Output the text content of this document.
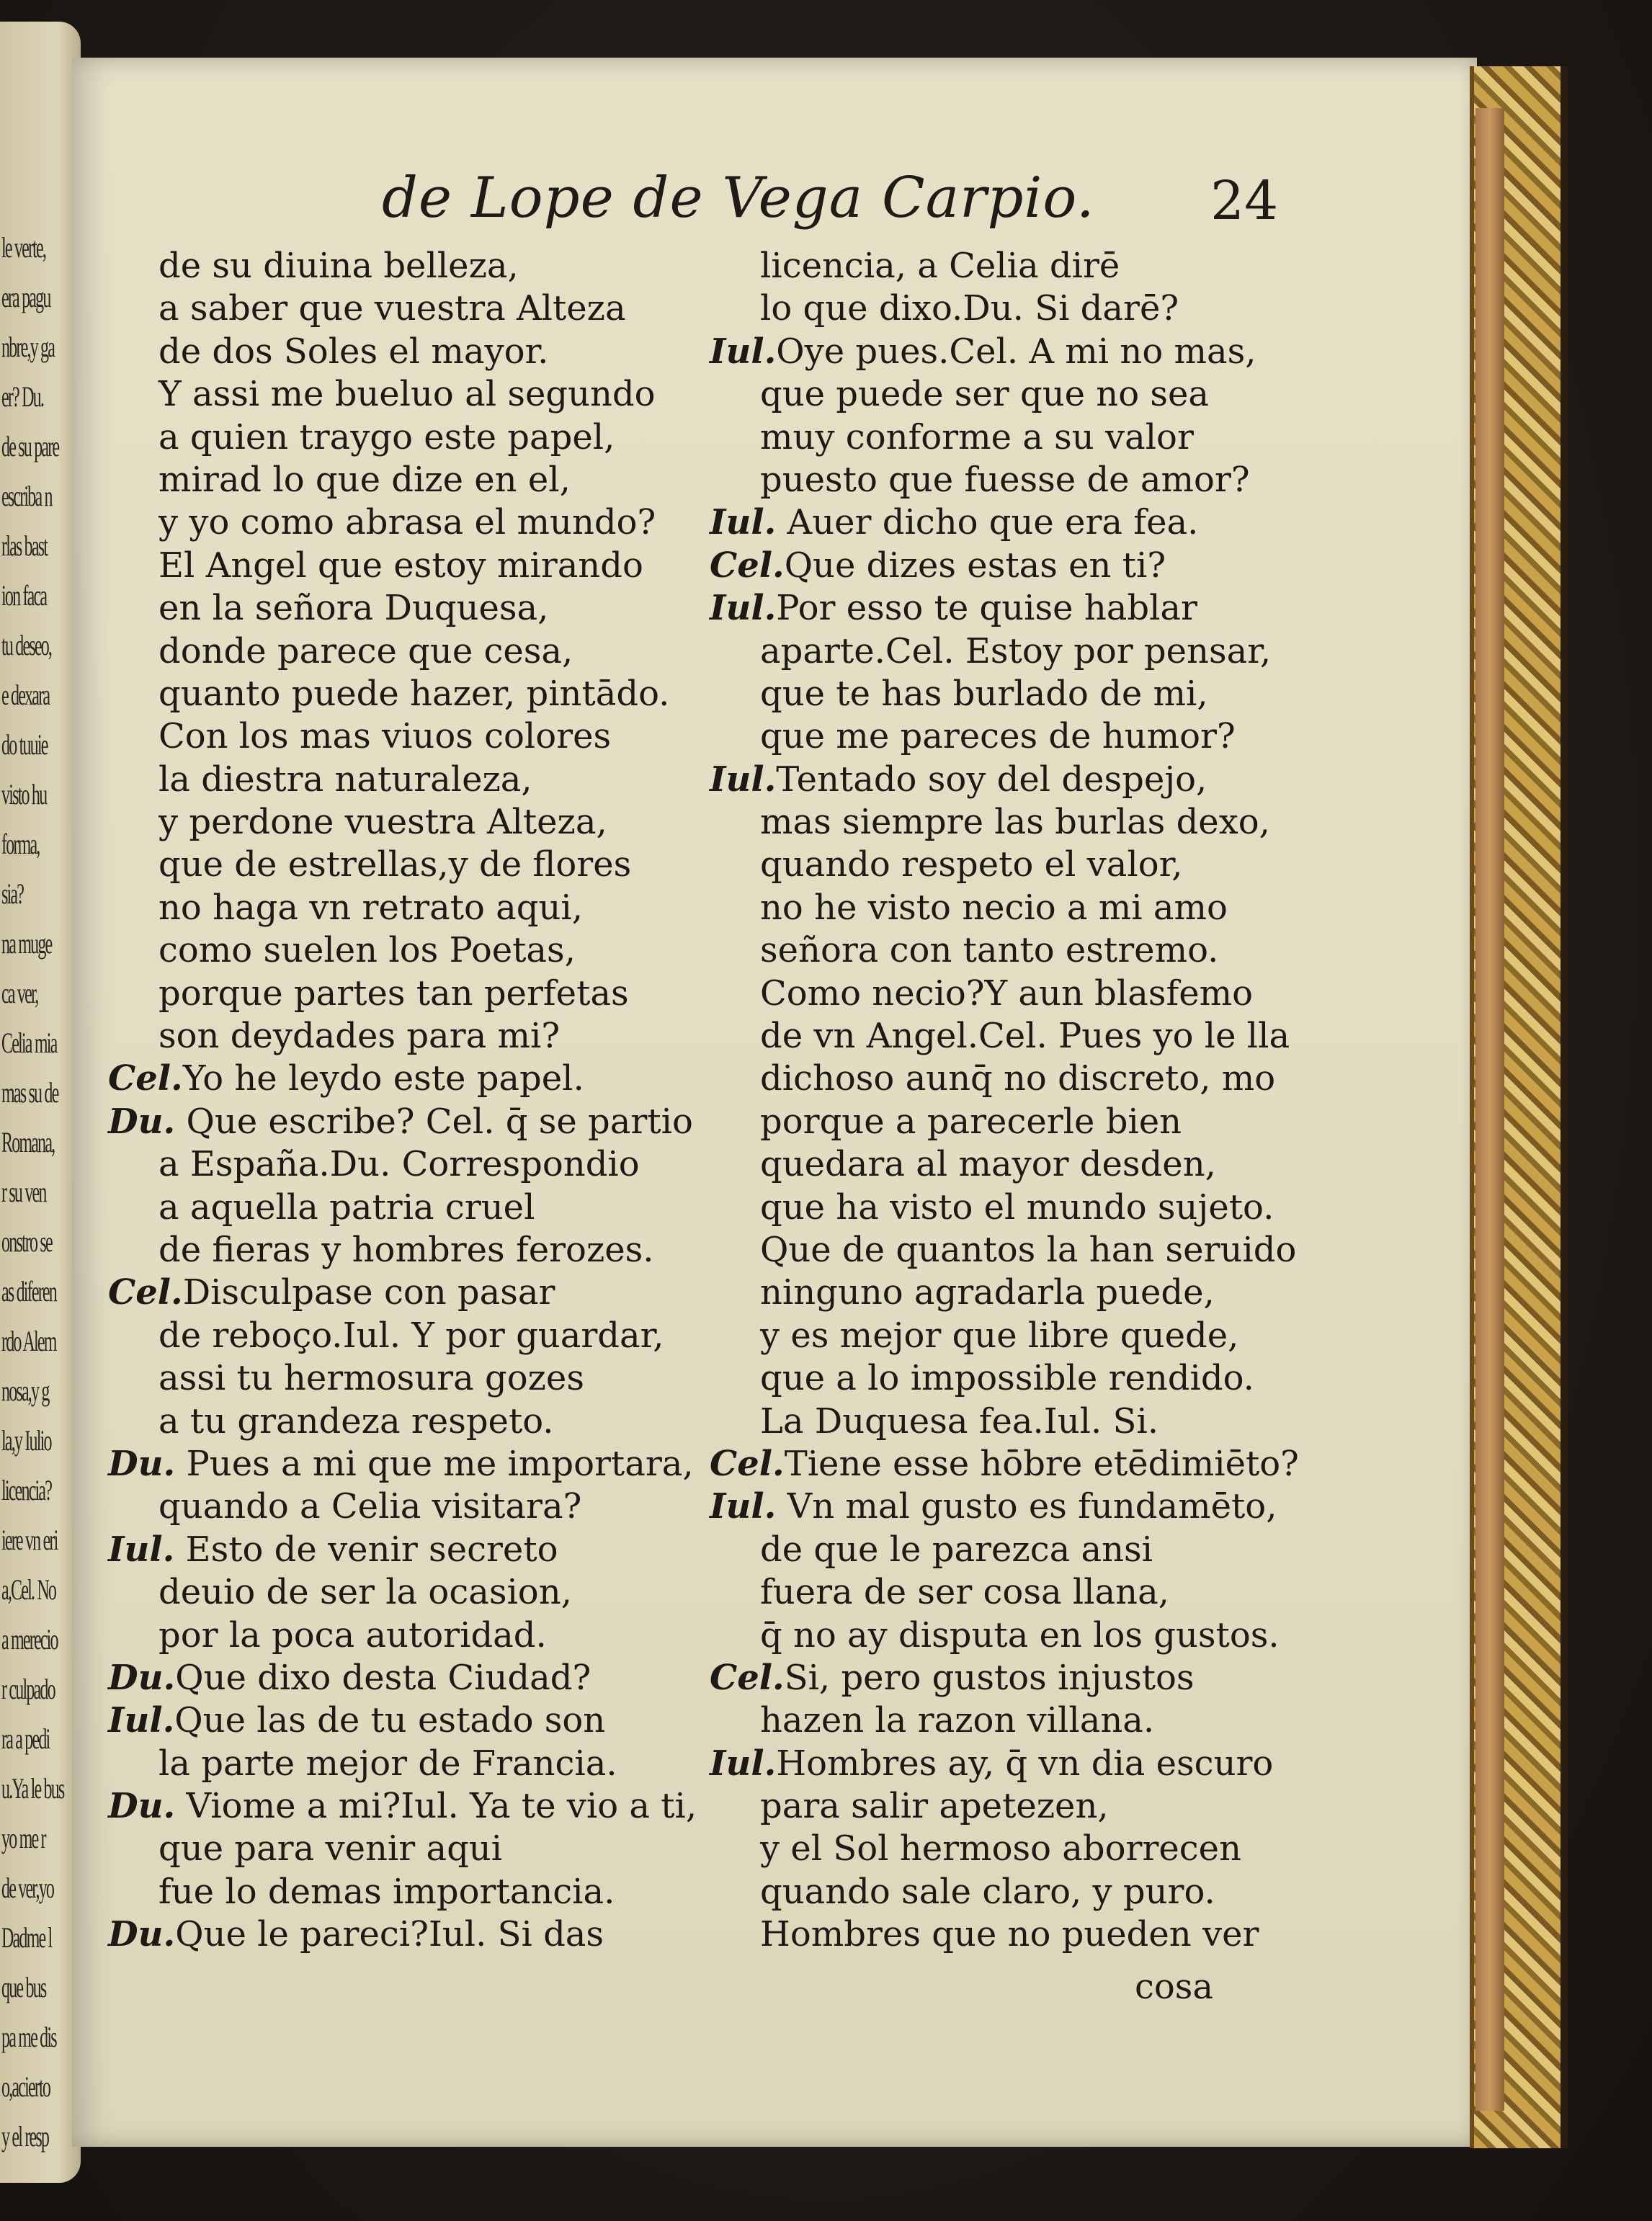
le verte,
era pagu
nbre,y ga
er? Du.
de su pare
escriba n
rlas bast
ion faca
tu deseo,
e dexara
do tuuie
visto hu
forma,
sia?
na muge
ca ver,
Celia mia
mas su de
Romana,
r su ven
onstro se
as diferen
rdo Alem
nosa,y g
la,y Iulio
licencia?
iere vn eri
a,Cel. No
a merecio
r culpado
ra a pedi
u.Ya le bus
yo me r
de ver,yo
Dadme l
que bus
pa me dis
o,acierto
y el resp
de Lope de Vega Carpio. 24
de su diuina belleza,
a saber que vuestra Alteza
de dos Soles el mayor.
Y assi me bueluo al segundo
a quien traygo este papel,
mirad lo que dize en el,
y yo como abrasa el mundo?
El Angel que estoy mirando
en la señora Duquesa,
donde parece que cesa,
quanto puede hazer, pintādo.
Con los mas viuos colores
la diestra naturaleza,
y perdone vuestra Alteza,
que de estrellas,y de flores
no haga vn retrato aqui,
como suelen los Poetas,
porque partes tan perfetas
son deydades para mi?
Cel.Yo he leydo este papel.
Du. Que escribe? Cel. q̄ se partio
a España.Du. Correspondio
a aquella patria cruel
de fieras y hombres ferozes.
Cel.Disculpase con pasar
de reboço.Iul. Y por guardar,
assi tu hermosura gozes
a tu grandeza respeto.
Du. Pues a mi que me importara,
quando a Celia visitara?
Iul. Esto de venir secreto
deuio de ser la ocasion,
por la poca autoridad.
Du.Que dixo desta Ciudad?
Iul.Que las de tu estado son
la parte mejor de Francia.
Du. Viome a mi?Iul. Ya te vio a ti,
que para venir aqui
fue lo demas importancia.
Du.Que le pareci?Iul. Si das
licencia, a Celia dirē
lo que dixo.Du. Si darē?
Iul.Oye pues.Cel. A mi no mas,
que puede ser que no sea
muy conforme a su valor
puesto que fuesse de amor?
Iul. Auer dicho que era fea.
Cel.Que dizes estas en ti?
Iul.Por esso te quise hablar
aparte.Cel. Estoy por pensar,
que te has burlado de mi,
que me pareces de humor?
Iul.Tentado soy del despejo,
mas siempre las burlas dexo,
quando respeto el valor,
no he visto necio a mi amo
señora con tanto estremo.
Como necio?Y aun blasfemo
de vn Angel.Cel. Pues yo le lla
dichoso aunq̄ no discreto, mo
porque a parecerle bien
quedara al mayor desden,
que ha visto el mundo sujeto.
Que de quantos la han seruido
ninguno agradarla puede,
y es mejor que libre quede,
que a lo impossible rendido.
La Duquesa fea.Iul. Si.
Cel.Tiene esse hōbre etēdimiēto?
Iul. Vn mal gusto es fundamēto,
de que le parezca ansi
fuera de ser cosa llana,
q̄ no ay disputa en los gustos.
Cel.Si, pero gustos injustos
hazen la razon villana.
Iul.Hombres ay, q̄ vn dia escuro
para salir apetezen,
y el Sol hermoso aborrecen
quando sale claro, y puro.
Hombres que no pueden ver
cosa
